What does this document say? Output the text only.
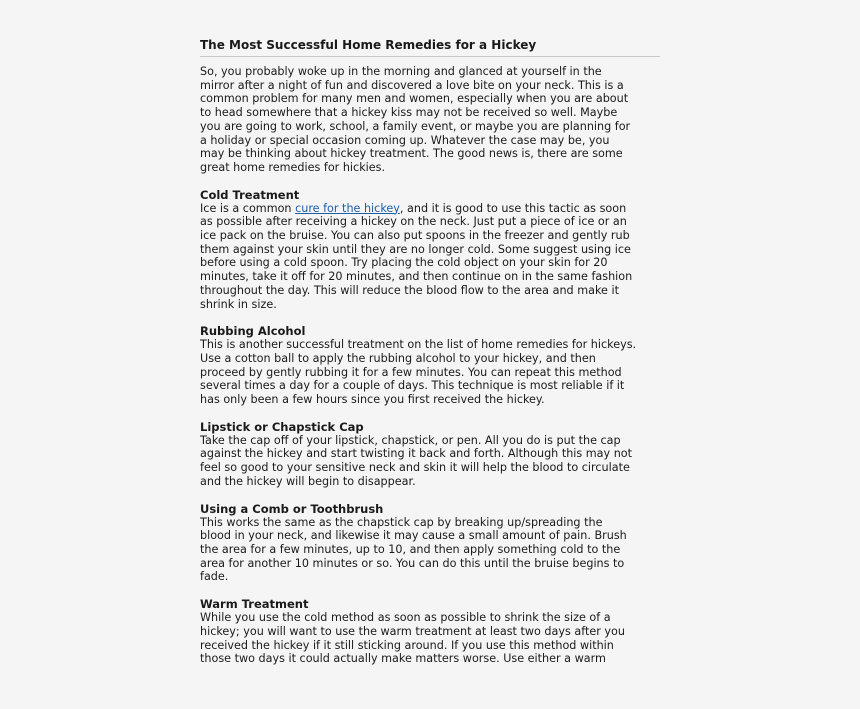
The Most Successful Home Remedies for a Hickey

So, you probably woke up in the morning and glanced at yourself in the
mirror after a night of fun and discovered a love bite on your neck. This is a
common problem for many men and women, especially when you are about
to head somewhere that a hickey kiss may not be received so well. Maybe
you are going to work, school, a family event, or maybe you are planning for
a holiday or special occasion coming up. Whatever the case may be, you
may be thinking about hickey treatment. The good news is, there are some
great home remedies for hickies.

Cold Treatment

Ice is a common cure for the hickey, and it is good to use this tactic as soon
as possible after receiving a hickey on the neck. Just put a piece of ice or an
ice pack on the bruise. You can also put spoons in the freezer and gently rub
them against your skin until they are no longer cold. Some suggest using ice
before using a cold spoon. Try placing the cold object on your skin for 20
minutes, take it off for 20 minutes, and then continue on in the same fashion
throughout the day. This will reduce the blood flow to the area and make it
shrink in size.

Rubbing Alcohol

This is another successful treatment on the list of home remedies for hickeys.
Use a cotton ball to apply the rubbing alcohol to your hickey, and then
proceed by gently rubbing it for a few minutes. You can repeat this method
several times a day for a couple of days. This technique is most reliable if it
has only been a few hours since you first received the hickey.

Lipstick or Chapstick Cap

Take the cap off of your lipstick, chapstick, or pen. All you do is put the cap
against the hickey and start twisting it back and forth. Although this may not
feel so good to your sensitive neck and skin it will help the blood to circulate
and the hickey will begin to disappear.

Using a Comb or Toothbrush

This works the same as the chapstick cap by breaking up/spreading the
blood in your neck, and likewise it may cause a small amount of pain. Brush
the area for a few minutes, up to 10, and then apply something cold to the
area for another 10 minutes or so. You can do this until the bruise begins to
fade.

Warm Treatment

While you use the cold method as soon as possible to shrink the size of a
hickey; you will want to use the warm treatment at least two days after you
received the hickey if it still sticking around. If you use this method within
those two days it could actually make matters worse. Use either a warm
